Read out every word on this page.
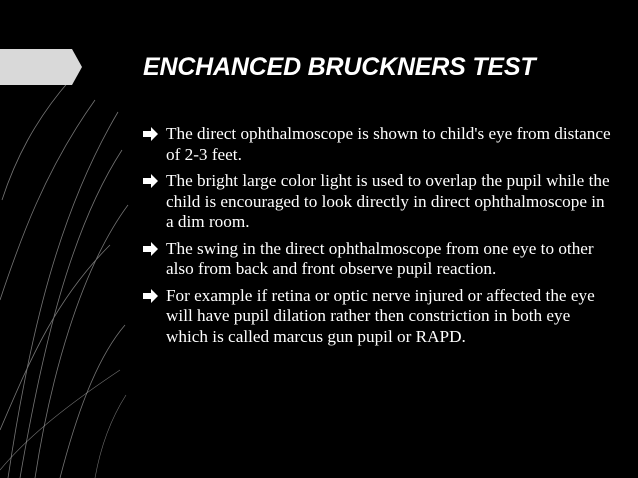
ENCHANCED BRUCKNERS TEST
The direct ophthalmoscope is shown to child's eye from distance of 2-3 feet.
The bright large color light is used to overlap the pupil while the child is encouraged to look directly in direct ophthalmoscope in a dim room.
The swing in the direct ophthalmoscope from one eye to other also from back and front observe pupil reaction.
For example if retina or optic nerve injured or affected the eye will have pupil dilation rather then constriction in both eye which is called marcus gun pupil or RAPD.
